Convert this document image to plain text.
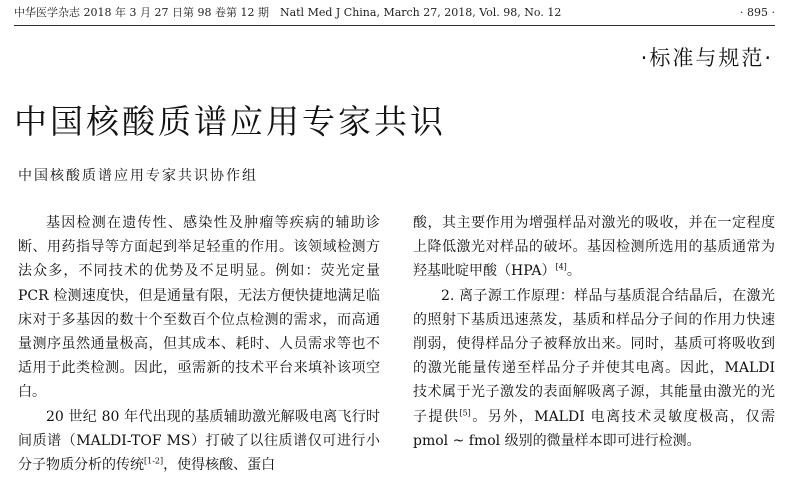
中华医学杂志 2018 年 3 月 27 日第 98 卷第 12 期　Natl Med J China, March 27, 2018, Vol. 98, No. 12	· 895 ·
·标准与规范·
中国核酸质谱应用专家共识
中国核酸质谱应用专家共识协作组

基因检测在遗传性、感染性及肿瘤等疾病的辅助诊断、用药指导等方面起到举足轻重的作用。该领域检测方法众多，不同技术的优势及不足明显。例如：荧光定量 PCR 检测速度快，但是通量有限，无法方便快捷地满足临床对于多基因的数十个至数百个位点检测的需求，而高通量测序虽然通量极高，但其成本、耗时、人员需求等也不适用于此类检测。因此，亟需新的技术平台来填补该项空白。

20 世纪 80 年代出现的基质辅助激光解吸电离飞行时间质谱（MALDI-TOF MS）打破了以往质谱仅可进行小分子物质分析的传统[1-2]，使得核酸、蛋白

酸，其主要作用为增强样品对激光的吸收，并在一定程度上降低激光对样品的破坏。基因检测所选用的基质通常为羟基吡啶甲酸（HPA）[4]。

2. 离子源工作原理：样品与基质混合结晶后，在激光的照射下基质迅速蒸发，基质和样品分子间的作用力快速削弱，使得样品分子被释放出来。同时，基质可将吸收到的激光能量传递至样品分子并使其电离。因此，MALDI 技术属于光子激发的表面解吸离子源，其能量由激光的光子提供[5]。另外，MALDI 电离技术灵敏度极高，仅需 pmol ~ fmol 级别的微量样本即可进行检测。
